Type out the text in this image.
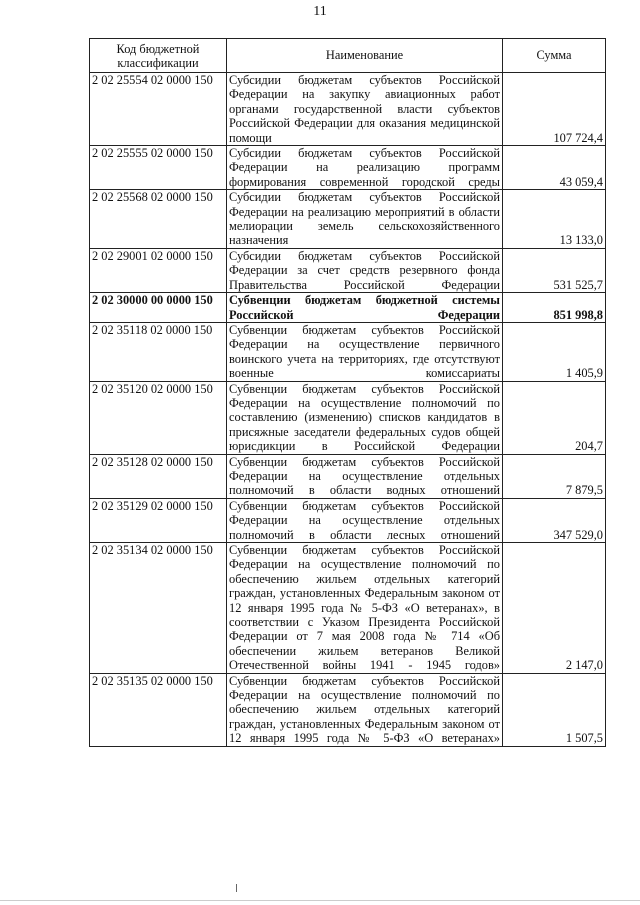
11
Код бюджетной классификации	Наименование	Сумма
2 02 25554 02 0000 150	Субсидии бюджетам субъектов Российской Федерации на закупку авиационных работ органами государственной власти субъектов Российской Федерации для оказания медицинской помощи	107 724,4
2 02 25555 02 0000 150	Субсидии бюджетам субъектов Российской Федерации на реализацию программ формирования современной городской среды	43 059,4
2 02 25568 02 0000 150	Субсидии бюджетам субъектов Российской Федерации на реализацию мероприятий в области мелиорации земель сельскохозяйственного назначения	13 133,0
2 02 29001 02 0000 150	Субсидии бюджетам субъектов Российской Федерации за счет средств резервного фонда Правительства Российской Федерации	531 525,7
2 02 30000 00 0000 150	Субвенции бюджетам бюджетной системы Российской Федерации	851 998,8
2 02 35118 02 0000 150	Субвенции бюджетам субъектов Российской Федерации на осуществление первичного воинского учета на территориях, где отсутствуют военные комиссариаты	1 405,9
2 02 35120 02 0000 150	Субвенции бюджетам субъектов Российской Федерации на осуществление полномочий по составлению (изменению) списков кандидатов в присяжные заседатели федеральных судов общей юрисдикции в Российской Федерации	204,7
2 02 35128 02 0000 150	Субвенции бюджетам субъектов Российской Федерации на осуществление отдельных полномочий в области водных отношений	7 879,5
2 02 35129 02 0000 150	Субвенции бюджетам субъектов Российской Федерации на осуществление отдельных полномочий в области лесных отношений	347 529,0
2 02 35134 02 0000 150	Субвенции бюджетам субъектов Российской Федерации на осуществление полномочий по обеспечению жильем отдельных категорий граждан, установленных Федеральным законом от 12 января 1995 года № 5-ФЗ «О ветеранах», в соответствии с Указом Президента Российской Федерации от 7 мая 2008 года № 714 «Об обеспечении жильем ветеранов Великой Отечественной войны 1941 - 1945 годов»	2 147,0
2 02 35135 02 0000 150	Субвенции бюджетам субъектов Российской Федерации на осуществление полномочий по обеспечению жильем отдельных категорий граждан, установленных Федеральным законом от 12 января 1995 года № 5-ФЗ «О ветеранах»	1 507,5
